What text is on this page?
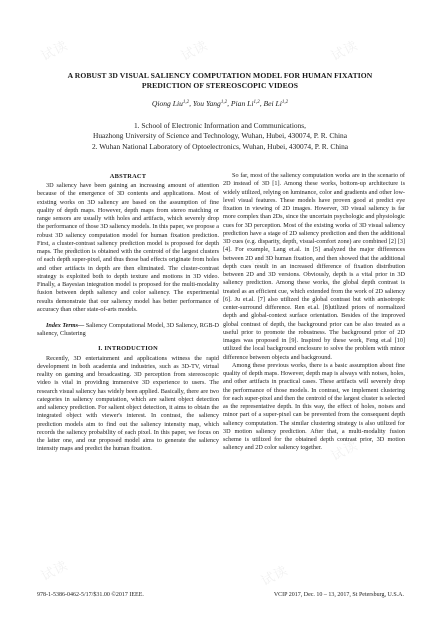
试读	试读	试读
试读	试读
试读	试读
试读	试读
A ROBUST 3D VISUAL SALIENCY COMPUTATION MODEL FOR HUMAN FIXATION
PREDICTION OF STEREOSCOPIC VIDEOS
Qiong Liu$^{1,2}$, You Yang$^{1,2}$, Pian Li$^{1,2}$, Bei Li$^{1,2}$
1. School of Electronic Information and Communications,
Huazhong University of Science and Technology, Wuhan, Hubei, 430074, P. R. China
2. Wuhan National Laboratory of Optoelectronics, Wuhan, Hubei, 430074, P. R. China
ABSTRACT

3D saliency have been gaining an increasing amount of attention because of the emergence of 3D contents and applications. Most of existing works on 3D saliency are based on the assumption of fine quality of depth maps. However, depth maps from stereo matching or range sensors are usually with holes and artifacts, which severely drop the performance of those 3D saliency models. In this paper, we propose a robust 3D saliency computation model for human fixation prediction. First, a cluster-contrast saliency prediction model is proposed for depth maps. The prediction is obtained with the centroid of the largest clusters of each depth super-pixel, and thus those bad effects originate from holes and other artifacts in depth are then eliminated. The cluster-contrast strategy is exploited both to depth texture and motions in 3D video. Finally, a Bayesian integration model is proposed for the multi-modality fusion between depth saliency and color saliency. The experimental results demonstrate that our saliency model has better performance of accuracy than other state-of-arts models.

Index Terms— Saliency Computational Model, 3D Saliency, RGB-D saliency, Clustering

I. INTRODUCTION

Recently, 3D entertainment and applications witness the rapid development in both academia and industries, such as 3D-TV, virtual reality on gaming and broadcasting. 3D perception from stereoscopic video is vital in providing immersive 3D experience to users. The research visual saliency has widely been applied. Basically, there are two categories in saliency computation, which are salient object detection and saliency prediction. For salient object detection, it aims to obtain the integrated object with viewer's interest. In contrast, the saliency prediction models aim to find out the saliency intensity map, which records the saliency probability of each pixel. In this paper, we focus on the latter one, and our proposed model aims to generate the saliency intensity maps and predict the human fixation.

So far, most of the saliency computation works are in the scenario of 2D instead of 3D [1]. Among these works, bottom-up architecture is widely utilized, relying on luminance, color and gradients and other low-level visual features. These models have proven good at predict eye fixation in viewing of 2D images. However, 3D visual saliency is far more complex than 2Ds, since the uncertain psychologic and physiologic cues for 3D perception. Most of the existing works of 3D visual saliency prediction have a stage of 2D saliency prediction and then the additional 3D cues (e.g. disparity, depth, visual-comfort zone) are combined [2] [3] [4]. For example, Lang et.al. in [5] analyzed the major differences between 2D and 3D human fixation, and then showed that the additional depth cues result in an increased difference of fixation distribution between 2D and 3D versions. Obviously, depth is a vital prior in 3D saliency prediction. Among these works, the global depth contrast is treated as an efficient cue, which extended from the work of 2D saliency [6]. Ju et.al. [7] also utilized the global contrast but with anisotropic center-surround difference. Ren et.al. [8]utilized priors of normalized depth and global-context surface orientation. Besides of the improved global contrast of depth, the background prior can be also treated as a useful prior to promote the robustness. The background prior of 2D images was proposed in [9]. Inspired by these work, Feng et.al [10] utilized the local background enclosure to solve the problem with minor difference between objects and background.

Among these previous works, there is a basic assumption about fine quality of depth maps. However, depth map is always with noises, holes, and other artifacts in practical cases. These artifacts will severely drop the performance of those models. In contrast, we implement clustering for each super-pixel and then the centroid of the largest cluster is selected as the representative depth. In this way, the effect of holes, noises and minor part of a super-pixel can be prevented from the consequent depth saliency computation. The similar clustering strategy is also utilized for 3D motion saliency prediction. After that, a multi-modality fusion scheme is utilized for the obtained depth contrast prior, 3D motion saliency and 2D color saliency together.

978-1-5386-0462-5/17/$31.00 ©2017 IEEE.	VCIP 2017, Dec. 10 – 13, 2017, St Petersburg, U.S.A.
